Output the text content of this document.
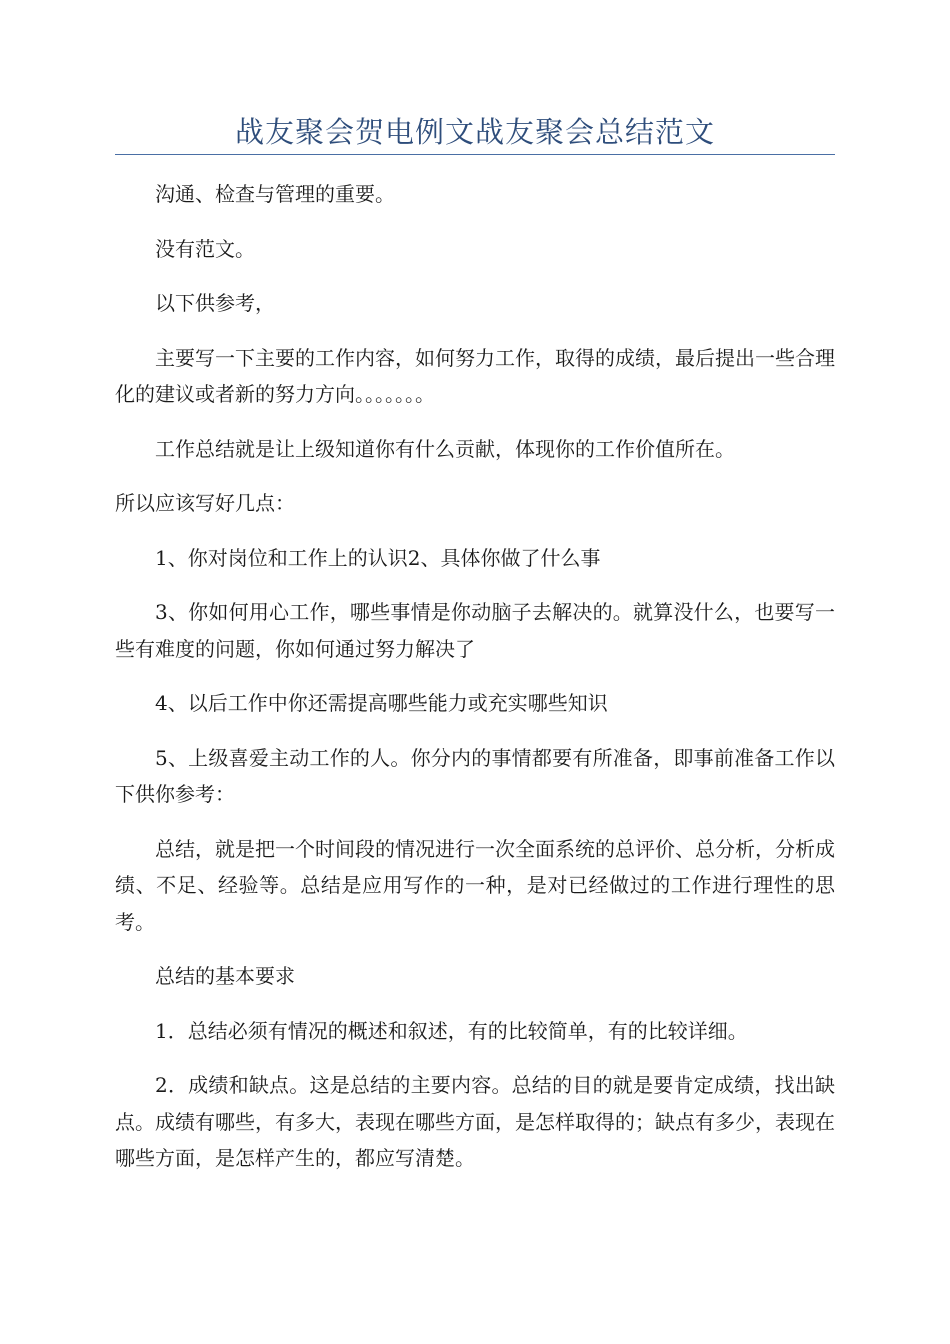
战友聚会贺电例文战友聚会总结范文

沟通、检查与管理的重要。

没有范文。

以下供参考，

主要写一下主要的工作内容，如何努力工作，取得的成绩，最后提出一些合理化的建议或者新的努力方向。。。。。。。

工作总结就是让上级知道你有什么贡献，体现你的工作价值所在。

所以应该写好几点：

1、你对岗位和工作上的认识2、具体你做了什么事

3、你如何用心工作，哪些事情是你动脑子去解决的。就算没什么，也要写一些有难度的问题，你如何通过努力解决了

4、以后工作中你还需提高哪些能力或充实哪些知识

5、上级喜爱主动工作的人。你分内的事情都要有所准备，即事前准备工作以下供你参考：

总结，就是把一个时间段的情况进行一次全面系统的总评价、总分析，分析成绩、不足、经验等。总结是应用写作的一种，是对已经做过的工作进行理性的思考。

总结的基本要求

1．总结必须有情况的概述和叙述，有的比较简单，有的比较详细。

2．成绩和缺点。这是总结的主要内容。总结的目的就是要肯定成绩，找出缺点。成绩有哪些，有多大，表现在哪些方面，是怎样取得的；缺点有多少，表现在哪些方面，是怎样产生的，都应写清楚。
